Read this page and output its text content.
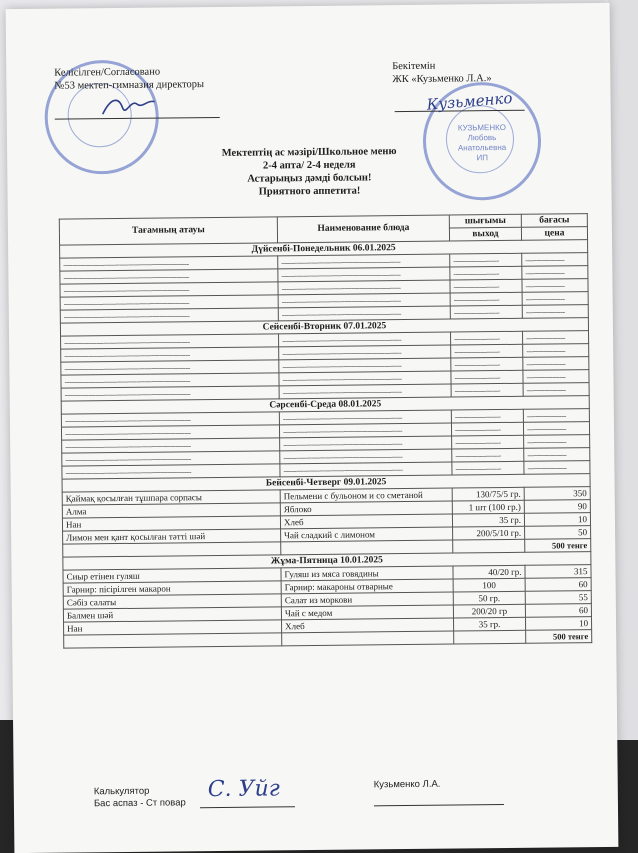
КУЗЬМЕНКО
Любовь
Анатольевна
ИП
Келісілген/Согласовано
№53 мектеп-гимназия директоры
Бекітемін
ЖК «Кузьменко Л.А.»
Кузьменко
Мектептің ас мәзірі/Школьное меню
2-4 апта/ 2-4 неделя
Астарыңыз дәмді болсын!
Приятного аппетита!
Тағамның атауы	Наименование блюда	шығымы	бағасы
		выход	цена
Дүйсенбі-Понедельник 06.01.2025			
----------------------------------------------------------	-------------------------------------------------------	---------------------	------------------
----------------------------------------------------------	-------------------------------------------------------	---------------------	------------------
----------------------------------------------------------	-------------------------------------------------------	---------------------	------------------
----------------------------------------------------------	-------------------------------------------------------	---------------------	------------------
----------------------------------------------------------	-------------------------------------------------------	---------------------	------------------
Сейсенбі-Вторник 07.01.2025			
----------------------------------------------------------	-------------------------------------------------------	---------------------	------------------
----------------------------------------------------------	-------------------------------------------------------	---------------------	------------------
----------------------------------------------------------	-------------------------------------------------------	---------------------	------------------
----------------------------------------------------------	-------------------------------------------------------	---------------------	------------------
----------------------------------------------------------	-------------------------------------------------------	---------------------	------------------
Сәрсенбі-Среда 08.01.2025			
----------------------------------------------------------	-------------------------------------------------------	---------------------	------------------
----------------------------------------------------------	-------------------------------------------------------	---------------------	------------------
----------------------------------------------------------	-------------------------------------------------------	---------------------	------------------
----------------------------------------------------------	-------------------------------------------------------	---------------------	------------------
----------------------------------------------------------	-------------------------------------------------------	---------------------	------------------
Бейсенбі-Четверг 09.01.2025			
Қаймақ қосылған тұшпара сорпасы	Пельмени с бульоном и со сметаной	130/75/5 гр.	350
Алма	Яблоко	1 шт (100 гр.)	90
Нан	Хлеб	35 гр.	10
Лимон мен қант қосылған тәтті шәй	Чай сладкий с лимоном	200/5/10 гр.	50
			500 тенге
Жұма-Пятница 10.01.2025			
Сиыр етінен гуляш	Гуляш из мяса говядины	40/20 гр.	315
Гарнир: пісірілген макарон	Гарнир: макароны отварные	100	60
Сәбіз салаты	Салат из моркови	50 гр.	55
Балмен шәй	Чай с медом	200/20 гр	60
Нан	Хлеб	35 гр.	10
			500 тенге
Калькулятор
Бас аспаз - Ст повар
С. Уйг	Кузьменко Л.А.
